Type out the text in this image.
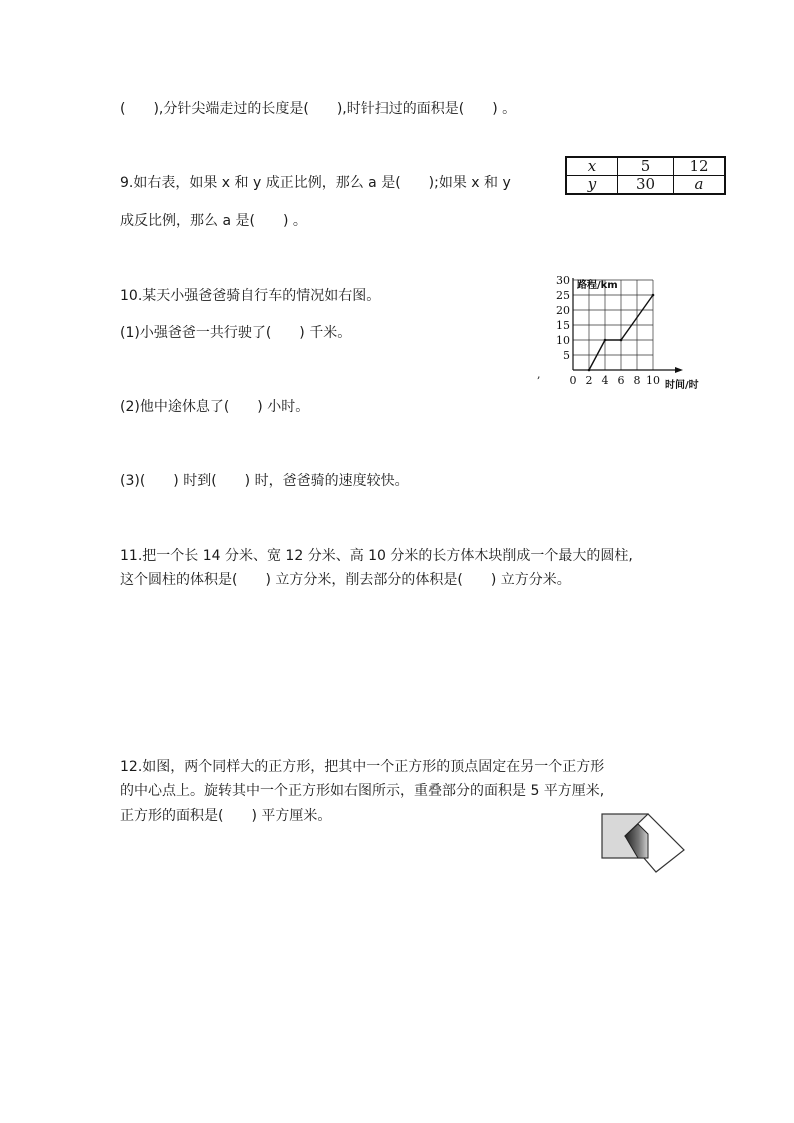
(　　),分针尖端走过的长度是(　　),时针扫过的面积是(　　) 。
9.如右表，如果 x 和 y 成正比例，那么 a 是(　　);如果 x 和 y
成反比例，那么 a 是(　　) 。
x	5	12
y	30	a
10.某天小强爸爸骑自行车的情况如右图。
(1)小强爸爸一共行驶了(　　) 千米。
(2)他中途休息了(　　) 小时。
(3)(　　) 时到(　　) 时，爸爸骑的速度较快。
,
5
10
15
20
25
30
0 2 4 6 8 10
路程/km
时间/时
11.把一个长 14 分米、宽 12 分米、高 10 分米的长方体木块削成一个最大的圆柱,
这个圆柱的体积是(　　) 立方分米，削去部分的体积是(　　) 立方分米。
12.如图，两个同样大的正方形，把其中一个正方形的顶点固定在另一个正方形
的中心点上。旋转其中一个正方形如右图所示，重叠部分的面积是 5 平方厘米,
正方形的面积是(　　) 平方厘米。
